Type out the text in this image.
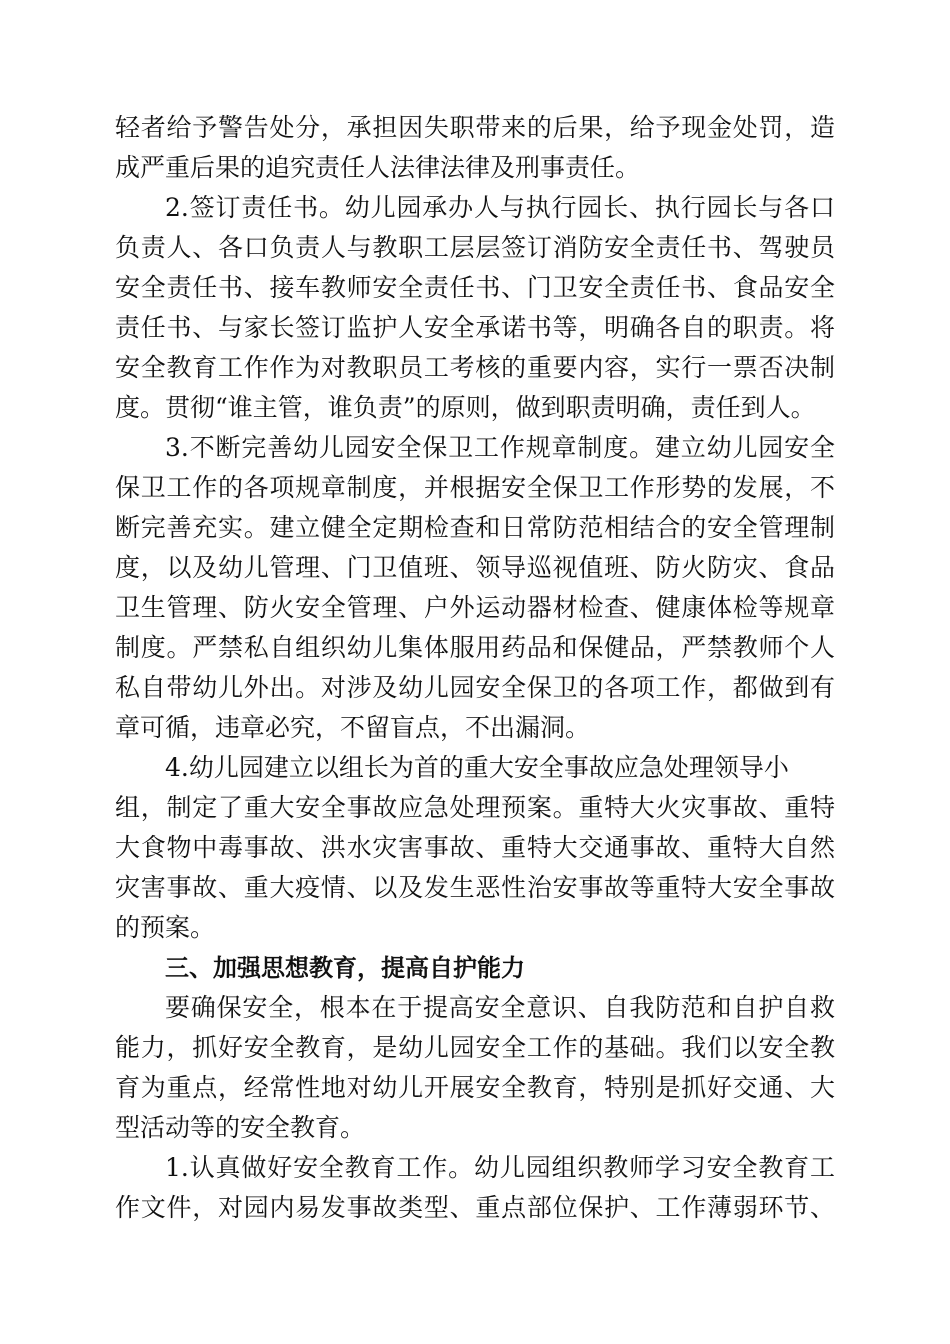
轻者给予警告处分，承担因失职带来的后果，给予现金处罚，造
成严重后果的追究责任人法律法律及刑事责任。
2.签订责任书。幼儿园承办人与执行园长、执行园长与各口
负责人、各口负责人与教职工层层签订消防安全责任书、驾驶员
安全责任书、接车教师安全责任书、门卫安全责任书、食品安全
责任书、与家长签订监护人安全承诺书等，明确各自的职责。将
安全教育工作作为对教职员工考核的重要内容，实行一票否决制
度。贯彻“谁主管，谁负责”的原则，做到职责明确，责任到人。
3.不断完善幼儿园安全保卫工作规章制度。建立幼儿园安全
保卫工作的各项规章制度，并根据安全保卫工作形势的发展，不
断完善充实。建立健全定期检查和日常防范相结合的安全管理制
度，以及幼儿管理、门卫值班、领导巡视值班、防火防灾、食品
卫生管理、防火安全管理、户外运动器材检查、健康体检等规章
制度。严禁私自组织幼儿集体服用药品和保健品，严禁教师个人
私自带幼儿外出。对涉及幼儿园安全保卫的各项工作，都做到有
章可循，违章必究，不留盲点，不出漏洞。
4.幼儿园建立以组长为首的重大安全事故应急处理领导小
组，制定了重大安全事故应急处理预案。重特大火灾事故、重特
大食物中毒事故、洪水灾害事故、重特大交通事故、重特大自然
灾害事故、重大疫情、以及发生恶性治安事故等重特大安全事故
的预案。
三、加强思想教育，提高自护能力
要确保安全，根本在于提高安全意识、自我防范和自护自救
能力，抓好安全教育，是幼儿园安全工作的基础。我们以安全教
育为重点，经常性地对幼儿开展安全教育，特别是抓好交通、大
型活动等的安全教育。
1.认真做好安全教育工作。幼儿园组织教师学习安全教育工
作文件，对园内易发事故类型、重点部位保护、工作薄弱环节、
